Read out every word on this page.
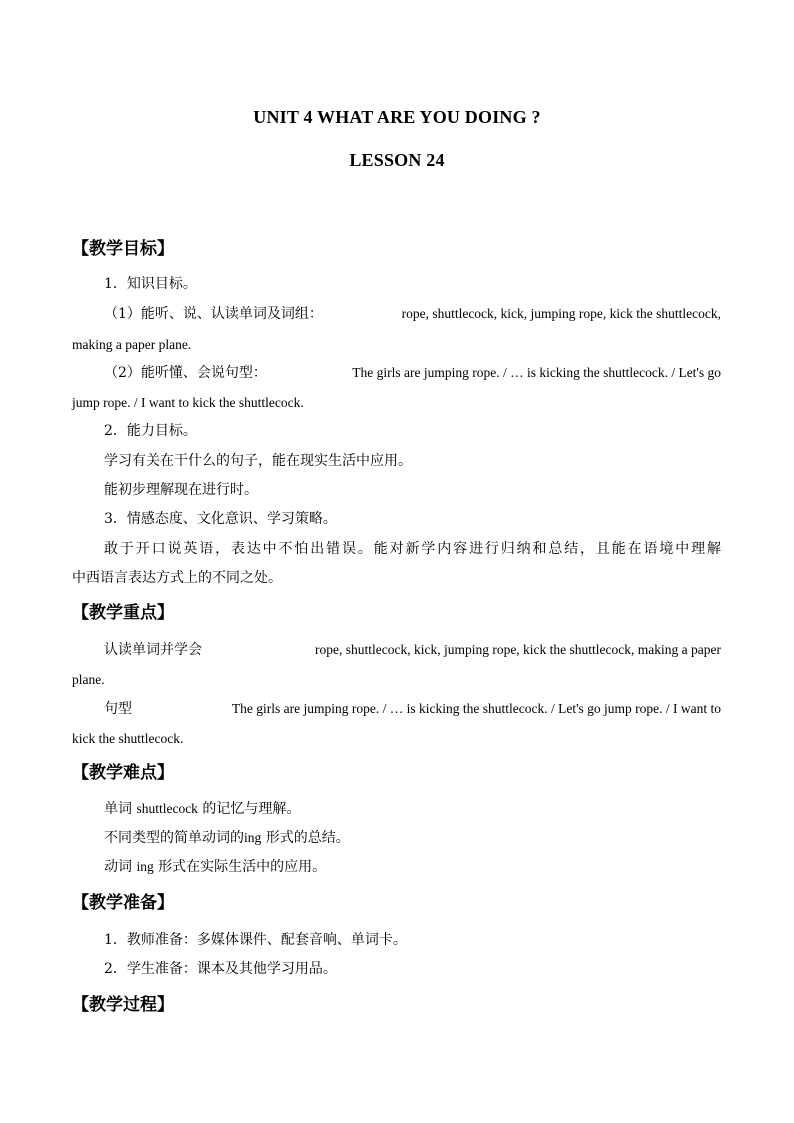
UNIT 4 WHAT ARE YOU DOING ?
LESSON 24
【教学目标】
1．知识目标。
（1）能听、说、认读单词及词组：	rope, shuttlecock, kick, jumping rope, kick the shuttlecock,
making a paper plane.
（2）能听懂、会说句型：	The girls are jumping rope. / … is kicking the shuttlecock. / Let's go
jump rope. / I want to kick the shuttlecock.
2．能力目标。
学习有关在干什么的句子，能在现实生活中应用。
能初步理解现在进行时。
3．情感态度、文化意识、学习策略。
敢于开口说英语，表达中不怕出错误。能对新学内容进行归纳和总结，且能在语境中理解
中西语言表达方式上的不同之处。
【教学重点】
认读单词并学会	rope, shuttlecock, kick, jumping rope, kick the shuttlecock, making a paper
plane.
句型	The girls are jumping rope. / … is kicking the shuttlecock. / Let's go jump rope. / I want to
kick the shuttlecock.
【教学难点】
单词 shuttlecock 的记忆与理解。
不同类型的简单动词的ing 形式的总结。
动词 ing 形式在实际生活中的应用。
【教学准备】
1．教师准备：多媒体课件、配套音响、单词卡。
2．学生准备：课本及其他学习用品。
【教学过程】
